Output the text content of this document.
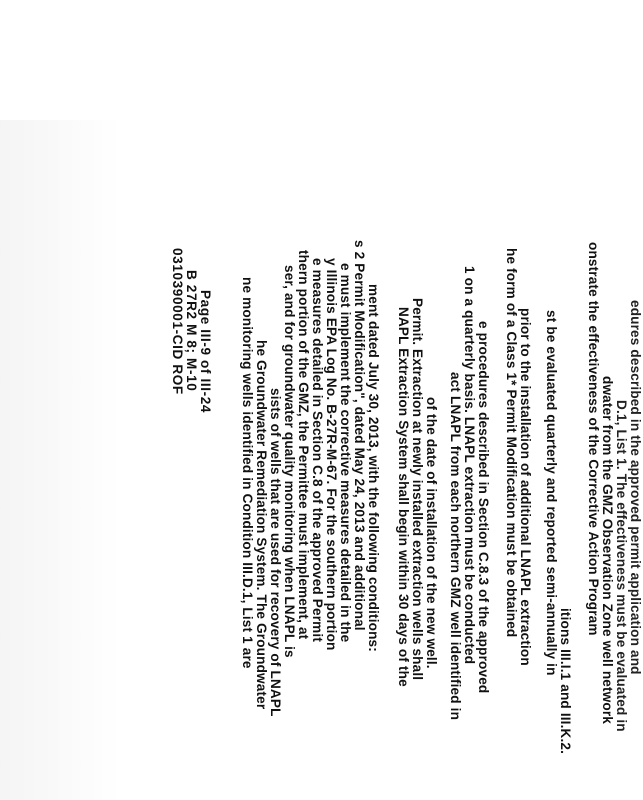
0310390001-CID ROF B 27R2 M 8; M-10 Page III-9 of III-24 ne monitoring wells identified in Condition III.D.1, List 1 are he Groundwater Remediation System. The Groundwater sists of wells that are used for recovery of LNAPL ser, and for groundwater quality monitoring when LNAPL is thern portion of the GMZ, the Permittee must implement, at e measures detailed in Section C.8 of the approved Permit y Illinois EPA Log No. B-27R-M-67. For the southern portion e must implement the corrective measures detailed in the s 2 Permit Modification", dated May 24, 2013 and additional ment dated July 30, 2013, with the following conditions: NAPL Extraction System shall begin within 30 days of the Permit. Extraction at newly installed extraction wells shall of the date of installation of the new well. act LNAPL from each northern GMZ well identified in 1 on a quarterly basis. LNAPL extraction must be conducted e procedures described in Section C.8.3 of the approved he form of a Class 1* Permit Modification must be obtained prior to the installation of additional LNAPL extraction st be evaluated quarterly and reported semi-annually in
itions III.I.1 and III.K.2.
onstrate the effectiveness of the Corrective Action Program dwater from the GMZ Observation Zone well network D.1, List 1. The effectiveness must be evaluated in edures described in the approved permit application and
